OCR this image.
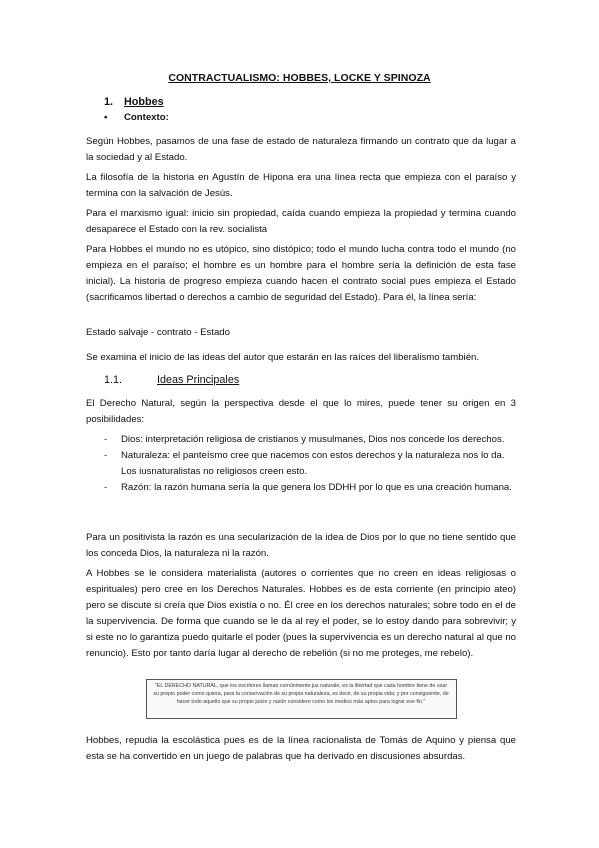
CONTRACTUALISMO: HOBBES, LOCKE Y SPINOZA
1. Hobbes
• Contexto:
Según Hobbes, pasamos de una fase de estado de naturaleza firmando un contrato que da lugar a la sociedad y al Estado.
La filosofía de la historia en Agustín de Hipona era una línea recta que empieza con el paraíso y termina con la salvación de Jesús.
Para el marxismo igual: inicio sin propiedad, caída cuando empieza la propiedad y termina cuando desaparece el Estado con la rev. socialista
Para Hobbes el mundo no es utópico, sino distópico; todo el mundo lucha contra todo el mundo (no empieza en el paraíso; el hombre es un hombre para el hombre sería la definición de esta fase inicial). La historia de progreso empieza cuando hacen el contrato social pues empieza el Estado (sacrificamos libertad o derechos a cambio de seguridad del Estado). Para él, la línea sería:
Estado salvaje - contrato - Estado
Se examina el inicio de las ideas del autor que estarán en las raíces del liberalismo también.
1.1.	Ideas Principales
El Derecho Natural, según la perspectiva desde el que lo mires, puede tener su origen en 3 posibilidades:
- Dios: interpretación religiosa de cristianos y musulmanes, Dios nos concede los derechos.
- Naturaleza: el panteísmo cree que nacemos con estos derechos y la naturaleza nos lo da. Los iusnaturalistas no religiosos creen esto.
- Razón: la razón humana sería la que genera los DDHH por lo que es una creación humana.
Para un positivista la razón es una secularización de la idea de Dios por lo que no tiene sentido que los conceda Dios, la naturaleza ni la razón.
A Hobbes se le considera materialista (autores o corrientes que no creen en ideas religiosas o espirituales) pero cree en los Derechos Naturales. Hobbes es de esta corriente (en principio ateo) pero se discute si creía que Dios existía o no. Él cree en los derechos naturales; sobre todo en el de la supervivencia. De forma que cuando se le da al rey el poder, se lo estoy dando para sobrevivir; y si este no lo garantiza puedo quitarle el poder (pues la supervivencia es un derecho natural al que no renuncio). Esto por tanto daría lugar al derecho de rebelión (si no me proteges, me rebelo).
"EL DERECHO NATURAL, que los escritores llaman comúnmente jus naturale, es la libertad que cada hombre tiene de usar su propio poder como quiera, para la conservación de su propia naturaleza, es decir, de su propia vida; y por consiguiente, de hacer todo aquello que su propio juicio y razón considere como los medios más aptos para lograr ese fin."
Hobbes, repudia la escolástica pues es de la línea racionalista de Tomás de Aquino y piensa que esta se ha convertido en un juego de palabras que ha derivado en discusiones absurdas.
